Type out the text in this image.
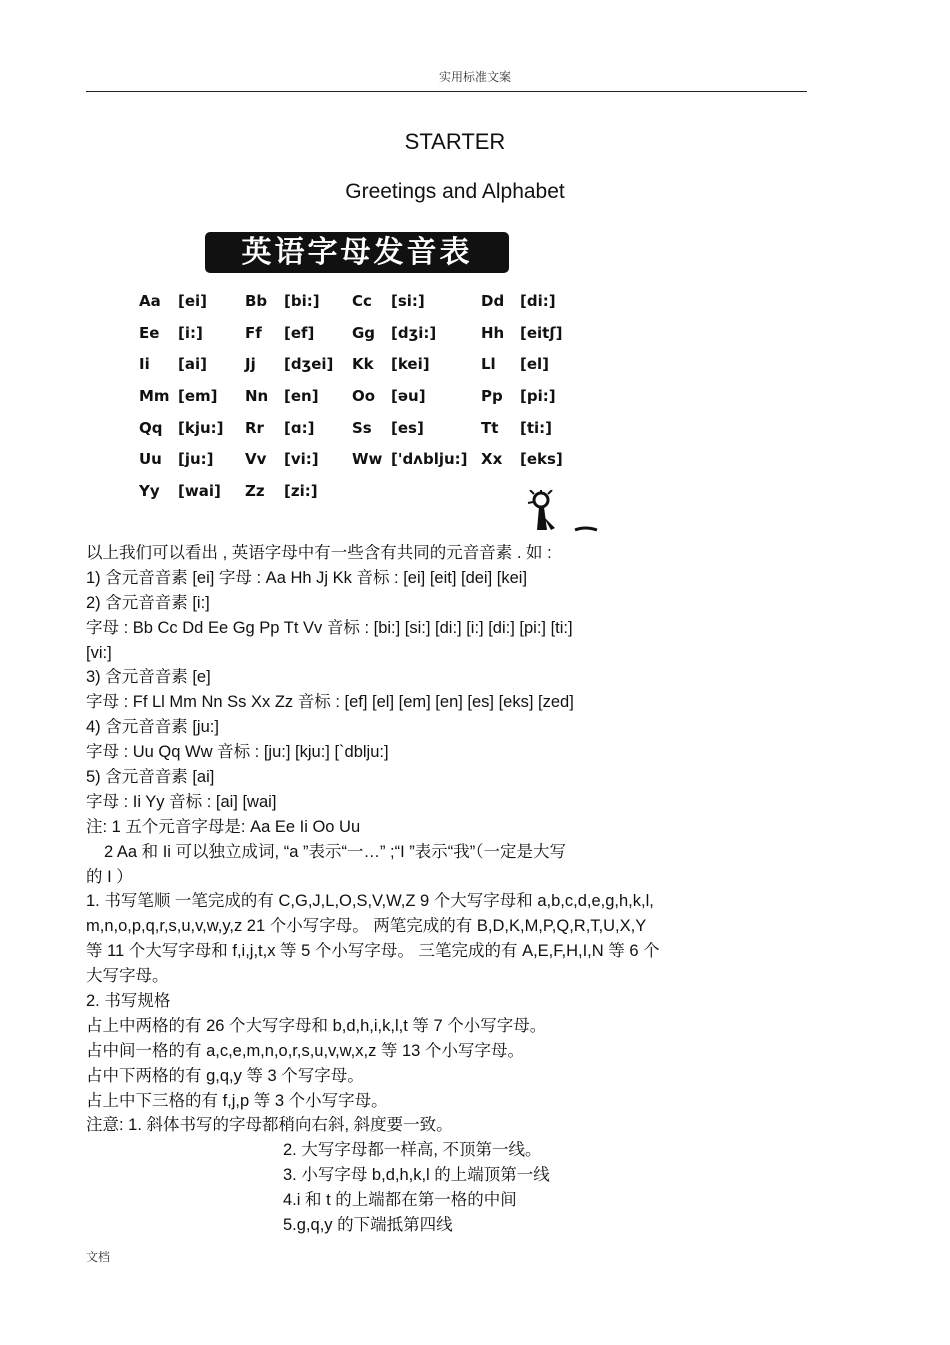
实用标准文案
STARTER
Greetings and Alphabet
英语字母发音表
Aa [ei]	Bb [bi:] Cc [si:]	Dd [di:]
Ee [i:]	Ff [ef]	Gg [dʒi:]	Hh [eitʃ]
Ii [ai]	Jj [dʒei] Kk [kei]	Ll [el]
Mm [em] Nn [en] Oo [əu]	Pp [pi:]
Qq [kju:] Rr [ɑ:]	Ss [es]	Tt [ti:]
Uu [ju:] Vv [vi:] Ww ['dʌblju:] Xx [eks]
Yy [wai] Zz [zi:]
以上我们可以看出 , 英语字母中有一些含有共同的元音音素 . 如 :
1) 含元音音素 [ei] 字母 : Aa Hh Jj Kk 音标 : [ei] [eit] [dei] [kei]
2) 含元音音素 [i:]
字母 : Bb Cc Dd Ee Gg Pp Tt Vv 音标 : [bi:] [si:] [di:] [i:] [di:] [pi:] [ti:]
[vi:]
3) 含元音音素 [e]
字母 : Ff Ll Mm Nn Ss Xx Zz 音标 : [ef] [el] [em] [en] [es] [eks] [zed]
4) 含元音音素 [ju:]
字母 : Uu Qq Ww 音标 : [ju:] [kju:] [`dblju:]
5) 含元音音素 [ai]
字母 : Ii Yy 音标 : [ai] [wai]
注: 1 五个元音字母是: Aa Ee Ii Oo Uu
2 Aa 和 Ii 可以独立成词, “a ”表示“一…” ;“I ”表示“我”（一定是大写
的 I ）
1. 书写笔顺 一笔完成的有 C,G,J,L,O,S,V,W,Z 9 个大写字母和 a,b,c,d,e,g,h,k,l,
m,n,o,p,q,r,s,u,v,w,y,z 21 个小写字母。 两笔完成的有 B,D,K,M,P,Q,R,T,U,X,Y
等 11 个大写字母和 f,i,j,t,x 等 5 个小写字母。 三笔完成的有 A,E,F,H,I,N 等 6 个
大写字母。
2. 书写规格
占上中两格的有 26 个大写字母和 b,d,h,i,k,l,t 等 7 个小写字母。
占中间一格的有 a,c,e,m,n,o,r,s,u,v,w,x,z 等 13 个小写字母。
占中下两格的有 g,q,y 等 3 个写字母。
占上中下三格的有 f,j,p 等 3 个小写字母。
注意: 1. 斜体书写的字母都稍向右斜, 斜度要一致。
2. 大写字母都一样高, 不顶第一线。
3. 小写字母 b,d,h,k,l 的上端顶第一线
4.i 和 t 的上端都在第一格的中间
5.g,q,y 的下端抵第四线
文档
